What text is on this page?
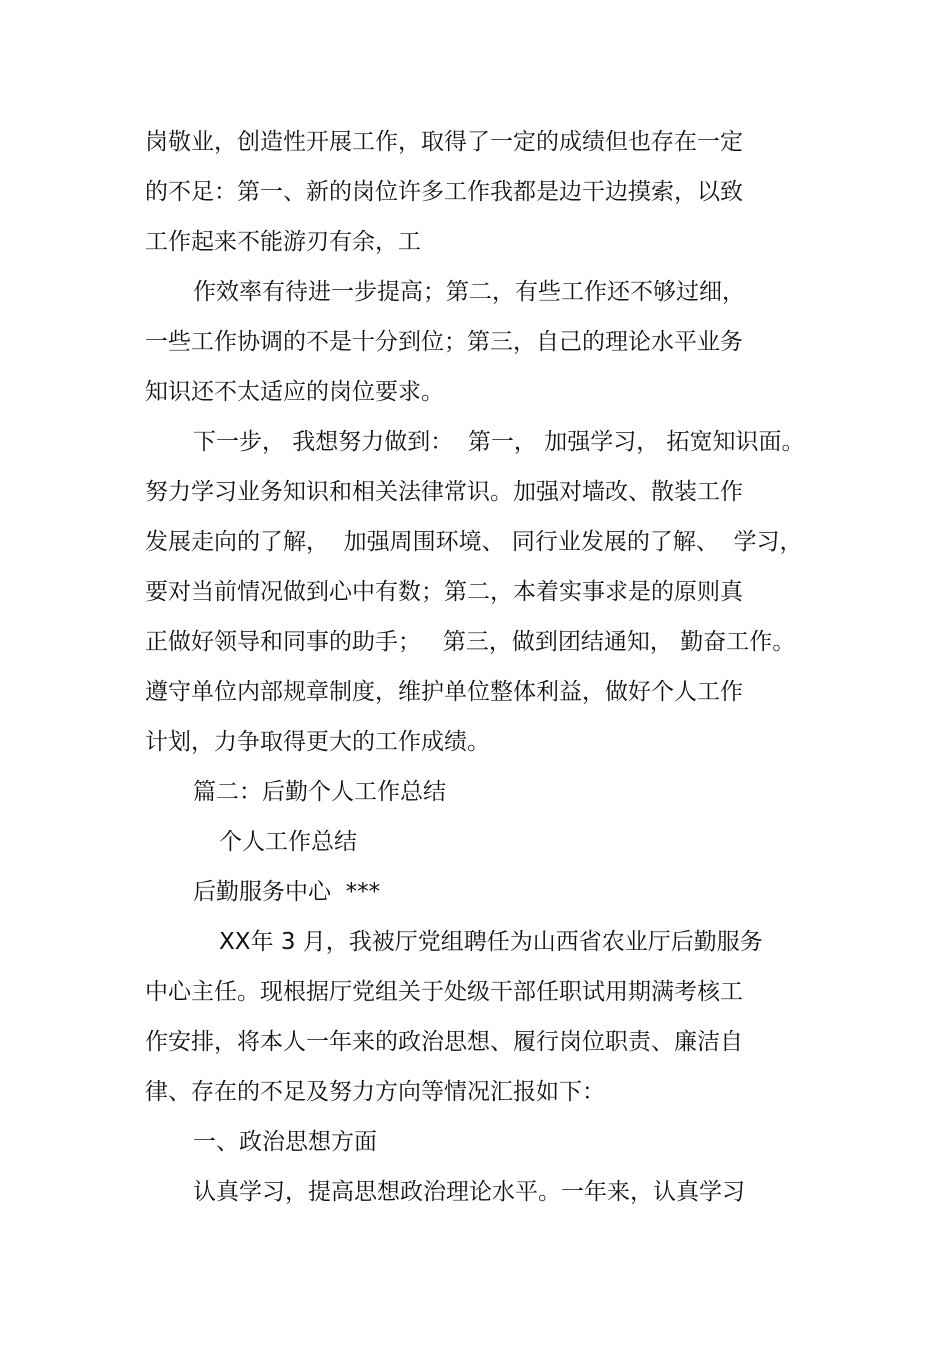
岗敬业，创造性开展工作，取得了一定的成绩但也存在一定
的不足：第一、新的岗位许多工作我都是边干边摸索，以致
工作起来不能游刃有余，工
作效率有待进一步提高；第二，有些工作还不够过细，
一些工作协调的不是十分到位；第三，自己的理论水平业务
知识还不太适应的岗位要求。
下一步， 我想努力做到：  第一， 加强学习， 拓宽知识面。
努力学习业务知识和相关法律常识。加强对墙改、散装工作
发展走向的了解，  加强周围环境、 同行业发展的了解、  学习，
要对当前情况做到心中有数；第二，本着实事求是的原则真
正做好领导和同事的助手；   第三，做到团结通知， 勤奋工作。
遵守单位内部规章制度，维护单位整体利益，做好个人工作
计划，力争取得更大的工作成绩。
篇二：后勤个人工作总结
个人工作总结
后勤服务中心  ***
XX年 3 月，我被厅党组聘任为山西省农业厅后勤服务
中心主任。现根据厅党组关于处级干部任职试用期满考核工
作安排，将本人一年来的政治思想、履行岗位职责、廉洁自
律、存在的不足及努力方向等情况汇报如下：
一、政治思想方面
认真学习，提高思想政治理论水平。一年来，认真学习
